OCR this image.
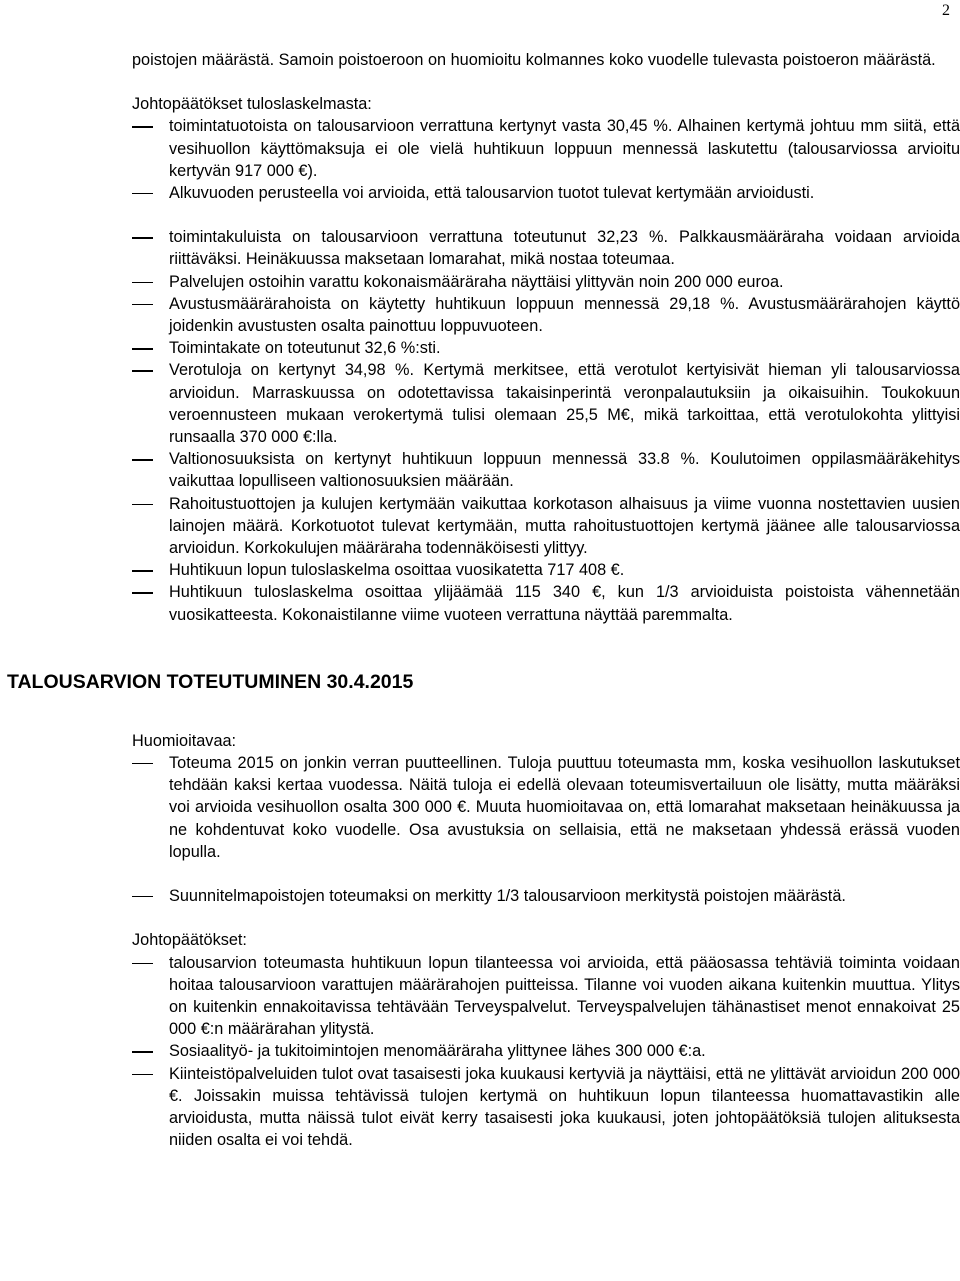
2

poistojen määrästä. Samoin poistoeroon on huomioitu kolmannes koko vuodelle tulevasta poistoeron määrästä.

Johtopäätökset tuloslaskelmasta:

toimintatuotoista on talousarvioon verrattuna kertynyt vasta 30,45 %. Alhainen kertymä johtuu mm siitä, että vesihuollon käyttömaksuja ei ole vielä huhtikuun loppuun mennessä laskutettu (talousarviossa arvioitu kertyvän 917 000 €).
Alkuvuoden perusteella voi arvioida, että talousarvion tuotot tulevat kertymään arvioidusti.
toimintakuluista on talousarvioon verrattuna toteutunut 32,23 %. Palkkausmääräraha voidaan arvioida riittäväksi. Heinäkuussa maksetaan lomarahat, mikä nostaa toteumaa.
Palvelujen ostoihin varattu kokonaismääräraha näyttäisi ylittyvän noin 200 000 euroa.
Avustusmäärärahoista on käytetty huhtikuun loppuun mennessä 29,18 %. Avustusmäärärahojen käyttö joidenkin avustusten osalta painottuu loppuvuoteen.
Toimintakate on toteutunut 32,6 %:sti.
Verotuloja on kertynyt 34,98 %. Kertymä merkitsee, että verotulot kertyisivät hieman yli talousarviossa arvioidun. Marraskuussa on odotettavissa takaisinperintä veronpalautuksiin ja oikaisuihin. Toukokuun veroennusteen mukaan verokertymä tulisi olemaan 25,5 M€, mikä tarkoittaa, että verotulokohta ylittyisi runsaalla 370 000 €:lla.
Valtionosuuksista on kertynyt huhtikuun loppuun mennessä 33.8 %. Koulutoimen oppilasmääräkehitys vaikuttaa lopulliseen valtionosuuksien määrään.
Rahoitustuottojen ja kulujen kertymään vaikuttaa korkotason alhaisuus ja viime vuonna nostettavien uusien lainojen määrä. Korkotuotot tulevat kertymään, mutta rahoitustuottojen kertymä jäänee alle talousarviossa arvioidun. Korkokulujen määräraha todennäköisesti ylittyy.
Huhtikuun lopun tuloslaskelma osoittaa vuosikatetta 717 408 €.
Huhtikuun tuloslaskelma osoittaa ylijäämää 115 340 €, kun 1/3 arvioiduista poistoista vähennetään vuosikatteesta. Kokonaistilanne viime vuoteen verrattuna näyttää paremmalta.
TALOUSARVION TOTEUTUMINEN 30.4.2015

Huomioitavaa:

Toteuma 2015 on jonkin verran puutteellinen. Tuloja puuttuu toteumasta mm, koska vesihuollon laskutukset tehdään kaksi kertaa vuodessa. Näitä tuloja ei edellä olevaan toteumisvertailuun ole lisätty, mutta määräksi voi arvioida vesihuollon osalta 300 000 €. Muuta huomioitavaa on, että lomarahat maksetaan heinäkuussa ja ne kohdentuvat koko vuodelle. Osa avustuksia on sellaisia, että ne maksetaan yhdessä erässä vuoden lopulla.
Suunnitelmapoistojen toteumaksi on merkitty 1/3 talousarvioon merkitystä poistojen määrästä.

Johtopäätökset:

talousarvion toteumasta huhtikuun lopun tilanteessa voi arvioida, että pääosassa tehtäviä toiminta voidaan hoitaa talousarvioon varattujen määrärahojen puitteissa. Tilanne voi vuoden aikana kuitenkin muuttua. Ylitys on kuitenkin ennakoitavissa tehtävään Terveyspalvelut. Terveyspalvelujen tähänastiset menot ennakoivat 25 000 €:n määrärahan ylitystä.
Sosiaalityö- ja tukitoimintojen menomääräraha ylittynee lähes 300 000 €:a.
Kiinteistöpalveluiden tulot ovat tasaisesti joka kuukausi kertyviä ja näyttäisi, että ne ylittävät arvioidun 200 000 €. Joissakin muissa tehtävissä tulojen kertymä on huhtikuun lopun tilanteessa huomattavastikin alle arvioidusta, mutta näissä tulot eivät kerry tasaisesti joka kuukausi, joten johtopäätöksiä tulojen alituksesta niiden osalta ei voi tehdä.
